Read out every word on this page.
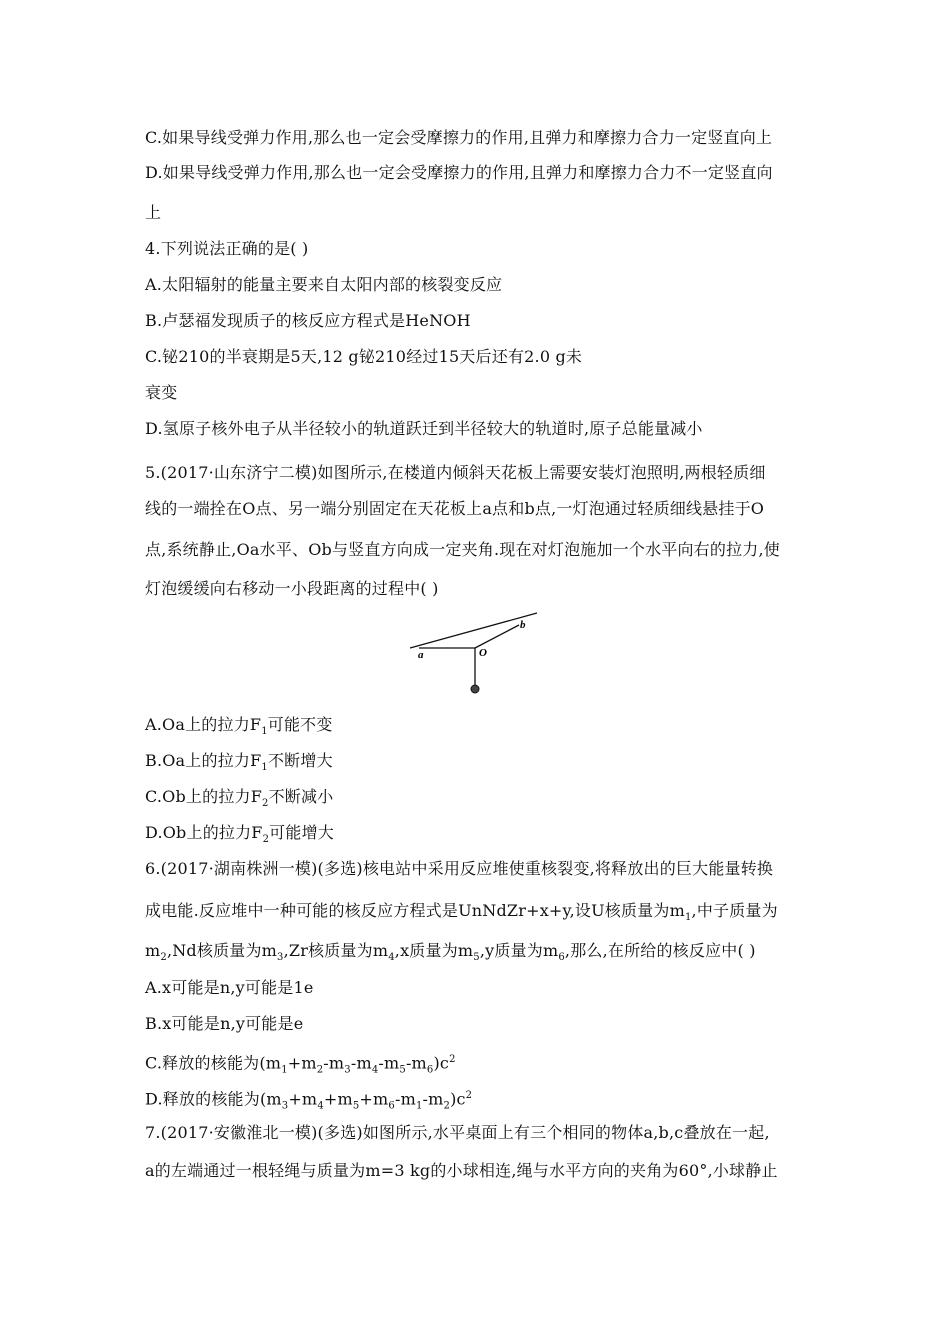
C.如果导线受弹力作用,那么也一定会受摩擦力的作用,且弹力和摩擦力合力一定竖直向上
D.如果导线受弹力作用,那么也一定会受摩擦力的作用,且弹力和摩擦力合力不一定竖直向
上
4.下列说法正确的是( )
A.太阳辐射的能量主要来自太阳内部的核裂变反应
B.卢瑟福发现质子的核反应方程式是HeNOH
C.铋210的半衰期是5天,12 g铋210经过15天后还有2.0 g未
衰变
D.氢原子核外电子从半径较小的轨道跃迁到半径较大的轨道时,原子总能量减小
5.(2017·山东济宁二模)如图所示,在楼道内倾斜天花板上需要安装灯泡照明,两根轻质细
线的一端拴在O点、另一端分别固定在天花板上a点和b点,一灯泡通过轻质细线悬挂于O
点,系统静止,Oa水平、Ob与竖直方向成一定夹角.现在对灯泡施加一个水平向右的拉力,使
灯泡缓缓向右移动一小段距离的过程中( )
a
b
O
A.Oa上的拉力$F_1$可能不变
B.Oa上的拉力$F_1$不断增大
C.Ob上的拉力$F_2$不断减小
D.Ob上的拉力$F_2$可能增大
6.(2017·湖南株洲一模)(多选)核电站中采用反应堆使重核裂变,将释放出的巨大能量转换
成电能.反应堆中一种可能的核反应方程式是UnNdZr+x+y,设U核质量为$m_1$,中子质量为
$m_2,Nd$核质量为$m_3,Zr$核质量为$m_4,x$质量为$m_5,y$质量为$m_6$,那么,在所给的核反应中( )
A.x可能是n,y可能是1e
B.x可能是n,y可能是e
C.释放的核能为$(m_1+m_2-m_3-m_4-m_5-m_6)c^2$
D.释放的核能为$(m_3+m_4+m_5+m_6-m_1-m_2)c^2$
7.(2017·安徽淮北一模)(多选)如图所示,水平桌面上有三个相同的物体a,b,c叠放在一起,
a的左端通过一根轻绳与质量为m=3 kg的小球相连,绳与水平方向的夹角为60°,小球静止
